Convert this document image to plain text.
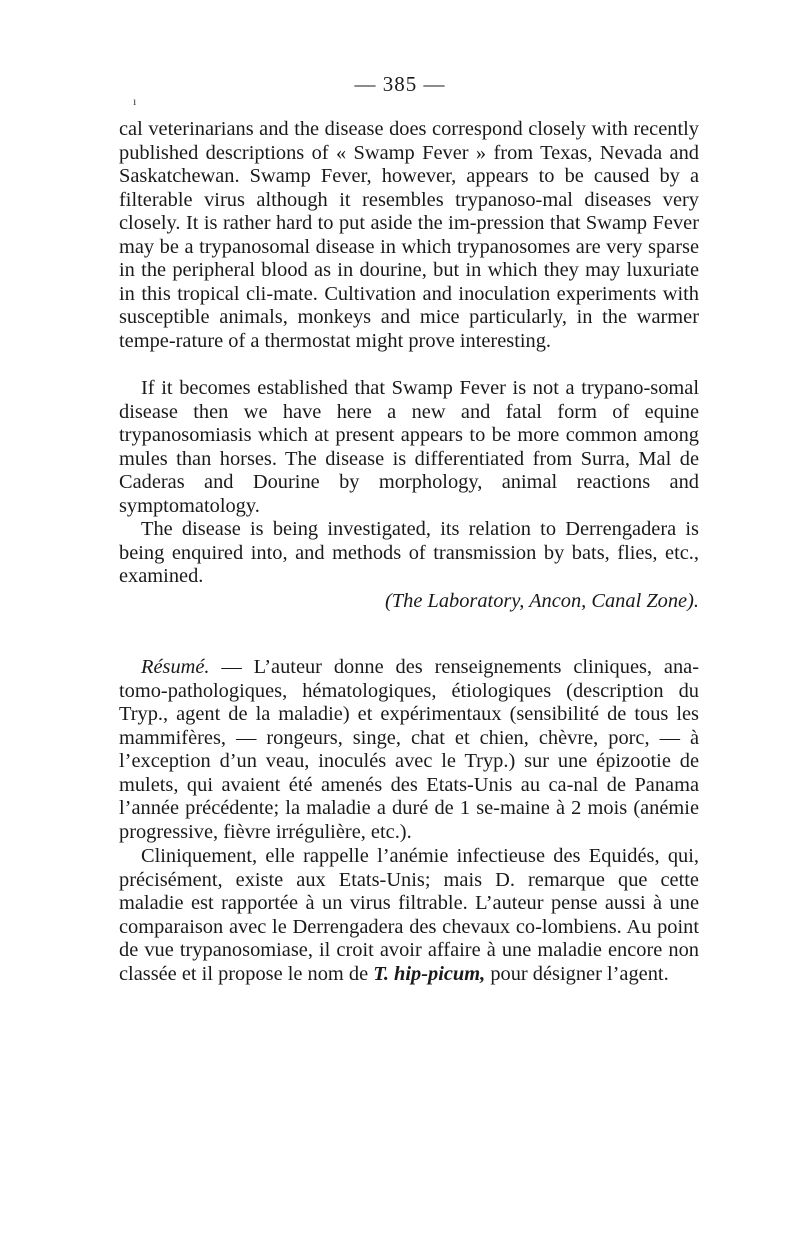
ı
— 385 —
cal veterinarians and the disease does correspond closely with recently published descriptions of « Swamp Fever » from Texas, Nevada and Saskatchewan. Swamp Fever, however, appears to be caused by a filterable virus although it resembles trypanoso-mal diseases very closely. It is rather hard to put aside the im-pression that Swamp Fever may be a trypanosomal disease in which trypanosomes are very sparse in the peripheral blood as in dourine, but in which they may luxuriate in this tropical cli-mate. Cultivation and inoculation experiments with susceptible animals, monkeys and mice particularly, in the warmer tempe-rature of a thermostat might prove interesting.
If it becomes established that Swamp Fever is not a trypano-somal disease then we have here a new and fatal form of equine trypanosomiasis which at present appears to be more common among mules than horses. The disease is differentiated from Surra, Mal de Caderas and Dourine by morphology, animal reactions and symptomatology.
The disease is being investigated, its relation to Derrengadera is being enquired into, and methods of transmission by bats, flies, etc., examined.
(The Laboratory, Ancon, Canal Zone).
Résumé. — L’auteur donne des renseignements cliniques, ana-tomo-pathologiques, hématologiques, étiologiques (description du Tryp., agent de la maladie) et expérimentaux (sensibilité de tous les mammifères, — rongeurs, singe, chat et chien, chèvre, porc, — à l’exception d’un veau, inoculés avec le Tryp.) sur une épizootie de mulets, qui avaient été amenés des Etats-Unis au ca-nal de Panama l’année précédente; la maladie a duré de 1 se-maine à 2 mois (anémie progressive, fièvre irrégulière, etc.).
Cliniquement, elle rappelle l’anémie infectieuse des Equidés, qui, précisément, existe aux Etats-Unis; mais D. remarque que cette maladie est rapportée à un virus filtrable. L’auteur pense aussi à une comparaison avec le Derrengadera des chevaux co-lombiens. Au point de vue trypanosomiase, il croit avoir affaire à une maladie encore non classée et il propose le nom de T. hip-picum, pour désigner l’agent.
